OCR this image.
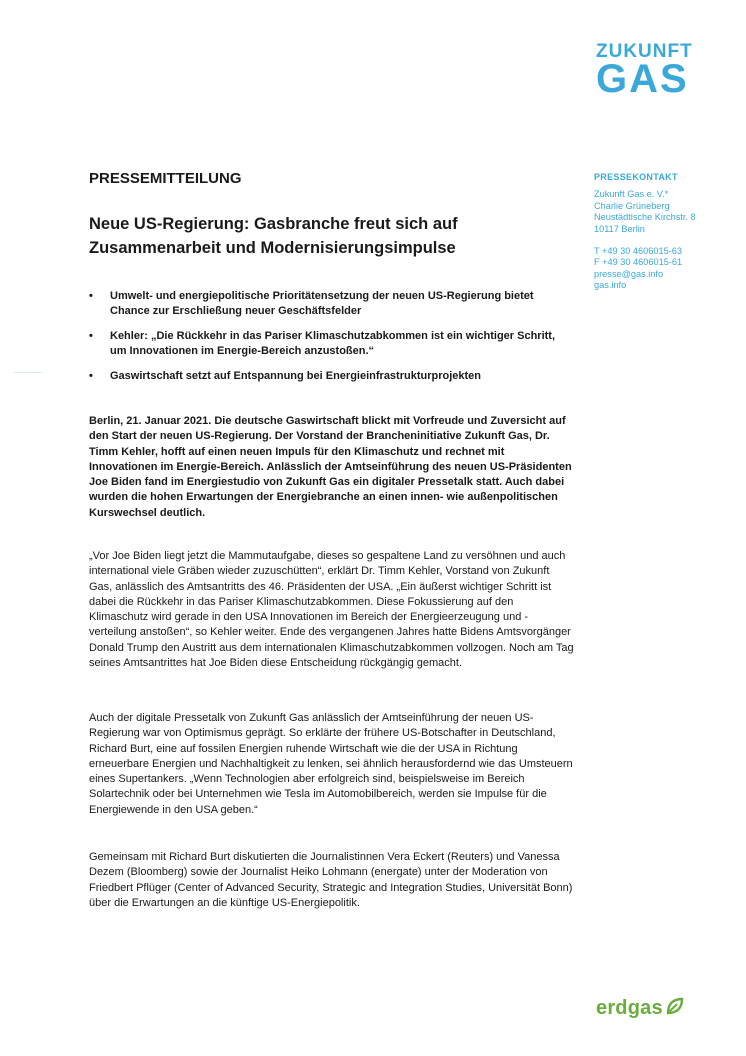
ZUKUNFT
GAS
PRESSEKONTAKT
Zukunft Gas e. V.*
Charlie Grüneberg
Neustädtische Kirchstr. 8
10117 Berlin
T +49 30 4606015-63
F +49 30 4606015-61
presse@gas.info
gas.info
PRESSEMITTEILUNG
Neue US-Regierung: Gasbranche freut sich auf Zusammenarbeit und Modernisierungsimpulse
• Umwelt- und energiepolitische Prioritätensetzung der neuen US-Regierung bietet Chance zur Erschließung neuer Geschäftsfelder
• Kehler: „Die Rückkehr in das Pariser Klimaschutzabkommen ist ein wichtiger Schritt, um Innovationen im Energie-Bereich anzustoßen.“
• Gaswirtschaft setzt auf Entspannung bei Energieinfrastrukturprojekten

Berlin, 21. Januar 2021. Die deutsche Gaswirtschaft blickt mit Vorfreude und Zuversicht auf den Start der neuen US-Regierung. Der Vorstand der Brancheninitiative Zukunft Gas, Dr. Timm Kehler, hofft auf einen neuen Impuls für den Klimaschutz und rechnet mit Innovationen im Energie-Bereich. Anlässlich der Amtseinführung des neuen US-Präsidenten Joe Biden fand im Energiestudio von Zukunft Gas ein digitaler Pressetalk statt. Auch dabei wurden die hohen Erwartungen der Energiebranche an einen innen- wie außenpolitischen Kurswechsel deutlich.

„Vor Joe Biden liegt jetzt die Mammutaufgabe, dieses so gespaltene Land zu versöhnen und auch international viele Gräben wieder zuzuschütten“, erklärt Dr. Timm Kehler, Vorstand von Zukunft Gas, anlässlich des Amtsantritts des 46. Präsidenten der USA. „Ein äußerst wichtiger Schritt ist dabei die Rückkehr in das Pariser Klimaschutzabkommen. Diese Fokussierung auf den Klimaschutz wird gerade in den USA Innovationen im Bereich der Energieerzeugung und -verteilung anstoßen“, so Kehler weiter. Ende des vergangenen Jahres hatte Bidens Amtsvorgänger Donald Trump den Austritt aus dem internationalen Klimaschutzabkommen vollzogen. Noch am Tag seines Amtsantrittes hat Joe Biden diese Entscheidung rückgängig gemacht.

Auch der digitale Pressetalk von Zukunft Gas anlässlich der Amtseinführung der neuen US-Regierung war von Optimismus geprägt. So erklärte der frühere US-Botschafter in Deutschland, Richard Burt, eine auf fossilen Energien ruhende Wirtschaft wie die der USA in Richtung erneuerbare Energien und Nachhaltigkeit zu lenken, sei ähnlich herausfordernd wie das Umsteuern eines Supertankers. „Wenn Technologien aber erfolgreich sind, beispielsweise im Bereich Solartechnik oder bei Unternehmen wie Tesla im Automobilbereich, werden sie Impulse für die Energiewende in den USA geben.“

Gemeinsam mit Richard Burt diskutierten die Journalistinnen Vera Eckert (Reuters) und Vanessa Dezem (Bloomberg) sowie der Journalist Heiko Lohmann (energate) unter der Moderation von Friedbert Pflüger (Center of Advanced Security, Strategic and Integration Studies, Universität Bonn) über die Erwartungen an die künftige US-Energiepolitik.

erdgas
